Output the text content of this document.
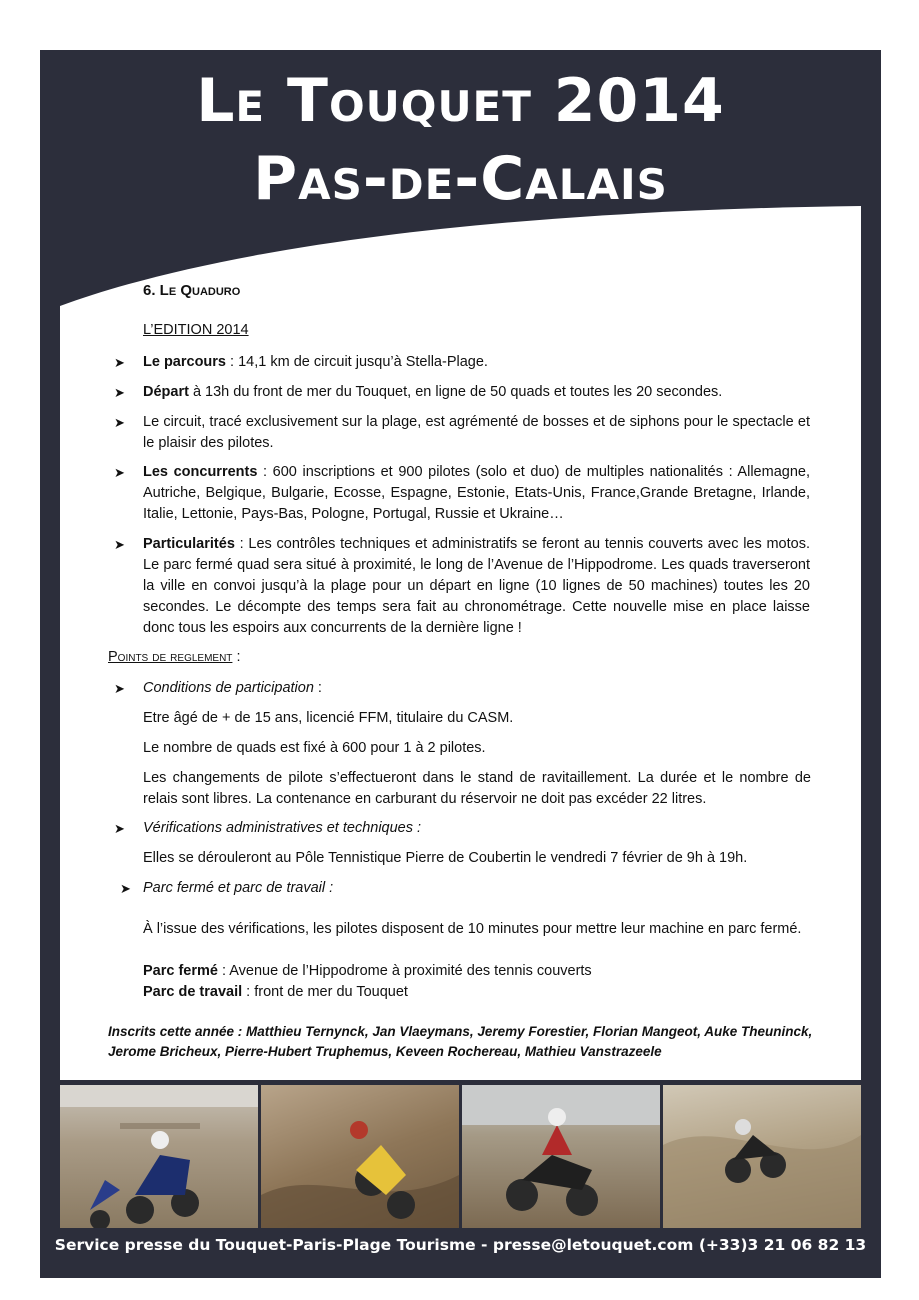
Le Touquet 2014
Pas-de-Calais
6. Le Quaduro
L’EDITION 2014
➤ Le parcours : 14,1 km de circuit jusqu’à Stella-Plage.
➤ Départ à 13h du front de mer du Touquet, en ligne de 50 quads et toutes les 20 secondes.
➤ Le circuit, tracé exclusivement sur la plage, est agrémenté de bosses et de siphons pour le spectacle et le plaisir des pilotes.
➤ Les concurrents : 600 inscriptions et 900 pilotes (solo et duo) de multiples nationalités : Allemagne, Autriche, Belgique, Bulgarie, Ecosse, Espagne, Estonie, Etats-Unis, France,Grande Bretagne, Irlande, Italie, Lettonie, Pays-Bas, Pologne, Portugal, Russie et Ukraine…
➤ Particularités : Les contrôles techniques et administratifs se feront au tennis couverts avec les motos. Le parc fermé quad sera situé à proximité, le long de l’Avenue de l’Hippodrome. Les quads traverseront la ville en convoi jusqu’à la plage pour un départ en ligne (10 lignes de 50 machines) toutes les 20 secondes. Le décompte des temps sera fait au chronométrage. Cette nouvelle mise en place laisse donc tous les espoirs aux concurrents de la dernière ligne !
Points de reglement :
➤ Conditions de participation :
Etre âgé de + de 15 ans, licencié FFM, titulaire du CASM.
Le nombre de quads est fixé à 600 pour 1 à 2 pilotes.
Les changements de pilote s’effectueront dans le stand de ravitaillement. La durée et le nombre de relais sont libres. La contenance en carburant du réservoir ne doit pas excéder 22 litres.
➤ Vérifications administratives et techniques :
Elles se dérouleront au Pôle Tennistique Pierre de Coubertin le vendredi 7 février de 9h à 19h.
➤ Parc fermé et parc de travail :
À l’issue des vérifications, les pilotes disposent de 10 minutes pour mettre leur machine en parc fermé.
Parc fermé : Avenue de l’Hippodrome à proximité des tennis couverts
Parc de travail : front de mer du Touquet
Inscrits cette année : Matthieu Ternynck, Jan Vlaeymans, Jeremy Forestier, Florian Mangeot, Auke Theuninck, Jerome Bricheux, Pierre-Hubert Truphemus, Keveen Rochereau, Mathieu Vanstrazeele
Service presse du Touquet-Paris-Plage Tourisme - presse@letouquet.com (+33)3 21 06 82 13
